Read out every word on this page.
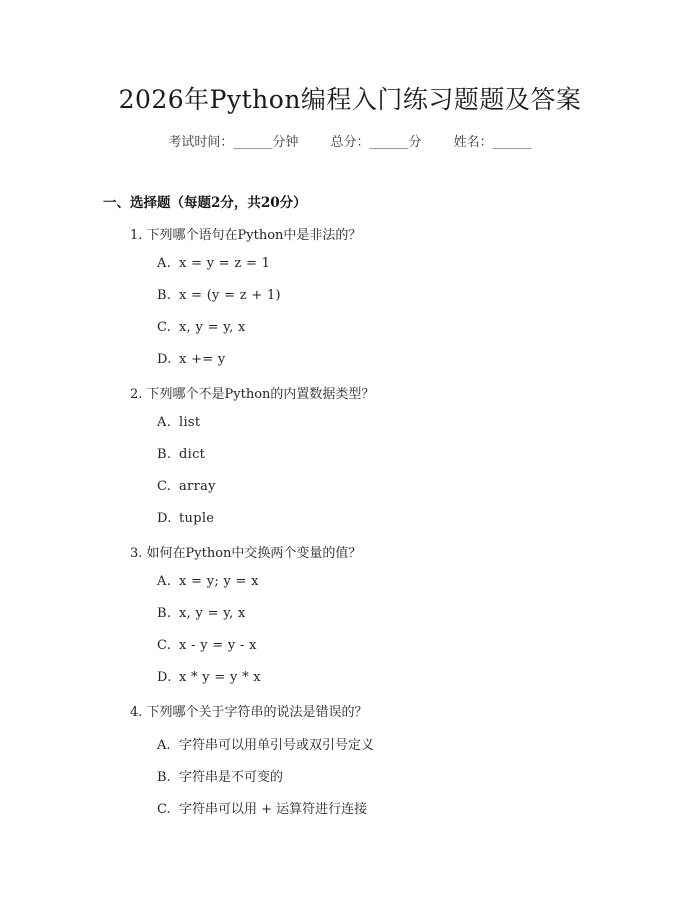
2026年Python编程入门练习题题及答案
考试时间：______分钟 总分：______分 姓名：______
一、选择题（每题2分，共20分）
1. 下列哪个语句在Python中是非法的？
A. x = y = z = 1
B. x = (y = z + 1)
C. x, y = y, x
D. x += y
2. 下列哪个不是Python的内置数据类型？
A. list
B. dict
C. array
D. tuple
3. 如何在Python中交换两个变量的值？
A. x = y; y = x
B. x, y = y, x
C. x - y = y - x
D. x * y = y * x
4. 下列哪个关于字符串的说法是错误的？
A. 字符串可以用单引号或双引号定义
B. 字符串是不可变的
C. 字符串可以用 + 运算符进行连接
